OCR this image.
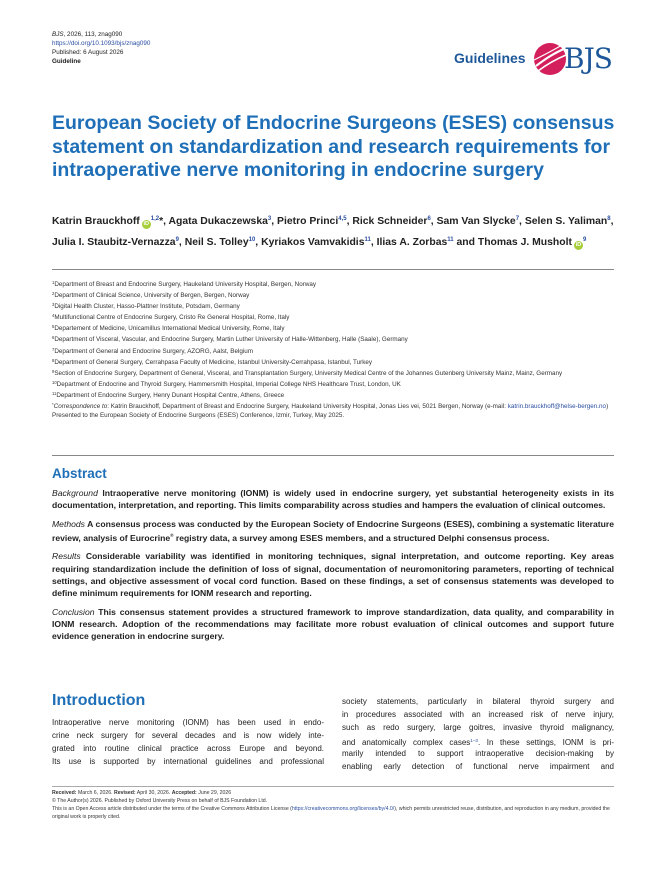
BJS, 2026, 113, znag090
https://doi.org/10.1093/bjs/znag090
Published: 6 August 2026
Guideline	Guidelines BJS
European Society of Endocrine Surgeons (ESES) consensus statement on standardization and research requirements for intraoperative nerve monitoring in endocrine surgery
Katrin Brauckhoff iD$^{1,2}$*, Agata Dukaczewska$^3$, Pietro Princi$^{4,5}$, Rick Schneider$^6$, Sam Van Slycke$^7$, Selen S. Yaliman$^8$, Julia I. Staubitz-Vernazza$^9$, Neil S. Tolley$^{10}$, Kyriakos Vamvakidis$^{11}$, Ilias A. Zorbas$^{11}$ and Thomas J. Musholt $iD^9$

$^1$Department of Breast and Endocrine Surgery, Haukeland University Hospital, Bergen, Norway

$^2$Department of Clinical Science, University of Bergen, Bergen, Norway

$^3$Digital Health Cluster, Hasso-Plattner Institute, Potsdam, Germany

$^4$Multifunctional Centre of Endocrine Surgery, Cristo Re General Hospital, Rome, Italy

$^5$Departement of Medicine, Unicamillus International Medical University, Rome, Italy

$^6$Department of Visceral, Vascular, and Endocrine Surgery, Martin Luther University of Halle-Wittenberg, Halle (Saale), Germany

$^7$Department of General and Endocrine Surgery, AZORG, Aalst, Belgium

$^8$Department of General Surgery, Cerrahpasa Faculty of Medicine, Istanbul University-Cerrahpasa, Istanbul, Turkey

$^9$Section of Endocrine Surgery, Department of General, Visceral, and Transplantation Surgery, University Medical Centre of the Johannes Gutenberg University Mainz, Mainz, Germany

$^{10}$Department of Endocrine and Thyroid Surgery, Hammersmith Hospital, Imperial College NHS Healthcare Trust, London, UK

$^{11}$Department of Endocrine Surgery, Henry Dunant Hospital Centre, Athens, Greece

*Correspondence to: Katrin Brauckhoff, Department of Breast and Endocrine Surgery, Haukeland University Hospital, Jonas Lies vei, 5021 Bergen, Norway (e-mail: katrin.brauckhoff@helse-bergen.no)

Presented to the European Society of Endocrine Surgeons (ESES) Conference, Izmir, Turkey, May 2025.

Abstract

Background Intraoperative nerve monitoring (IONM) is widely used in endocrine surgery, yet substantial heterogeneity exists in its documentation, interpretation, and reporting. This limits comparability across studies and hampers the evaluation of clinical outcomes.

Methods A consensus process was conducted by the European Society of Endocrine Surgeons (ESES), combining a systematic literature review, analysis of Eurocrine® registry data, a survey among ESES members, and a structured Delphi consensus process.

Results Considerable variability was identified in monitoring techniques, signal interpretation, and outcome reporting. Key areas requiring standardization include the definition of loss of signal, documentation of neuromonitoring parameters, reporting of technical settings, and objective assessment of vocal cord function. Based on these findings, a set of consensus statements was developed to define minimum requirements for IONM research and reporting.

Conclusion This consensus statement provides a structured framework to improve standardization, data quality, and comparability in IONM research. Adoption of the recommendations may facilitate more robust evaluation of clinical outcomes and support future evidence generation in endocrine surgery.

Introduction
Intraoperative nerve monitoring (IONM) has been used in endo-
crine neck surgery for several decades and is now widely inte-
grated into routine clinical practice across Europe and beyond.
Its use is supported by international guidelines and professional
society statements, particularly in bilateral thyroid surgery and
in procedures associated with an increased risk of nerve injury,
such as redo surgery, large goitres, invasive thyroid malignancy,
and anatomically complex cases$^{1-3}$. In these settings, IONM is pri-
marily intended to support intraoperative decision-making by
enabling early detection of functional nerve impairment and
Received: March 6, 2026. Revised: April 30, 2026. Accepted: June 29, 2026
© The Author(s) 2026. Published by Oxford University Press on behalf of BJS Foundation Ltd.
This is an Open Access article distributed under the terms of the Creative Commons Attribution License (https://creativecommons.org/licenses/by/4.0/), which permits unrestricted reuse, distribution, and reproduction in any medium, provided the original work is properly cited.
